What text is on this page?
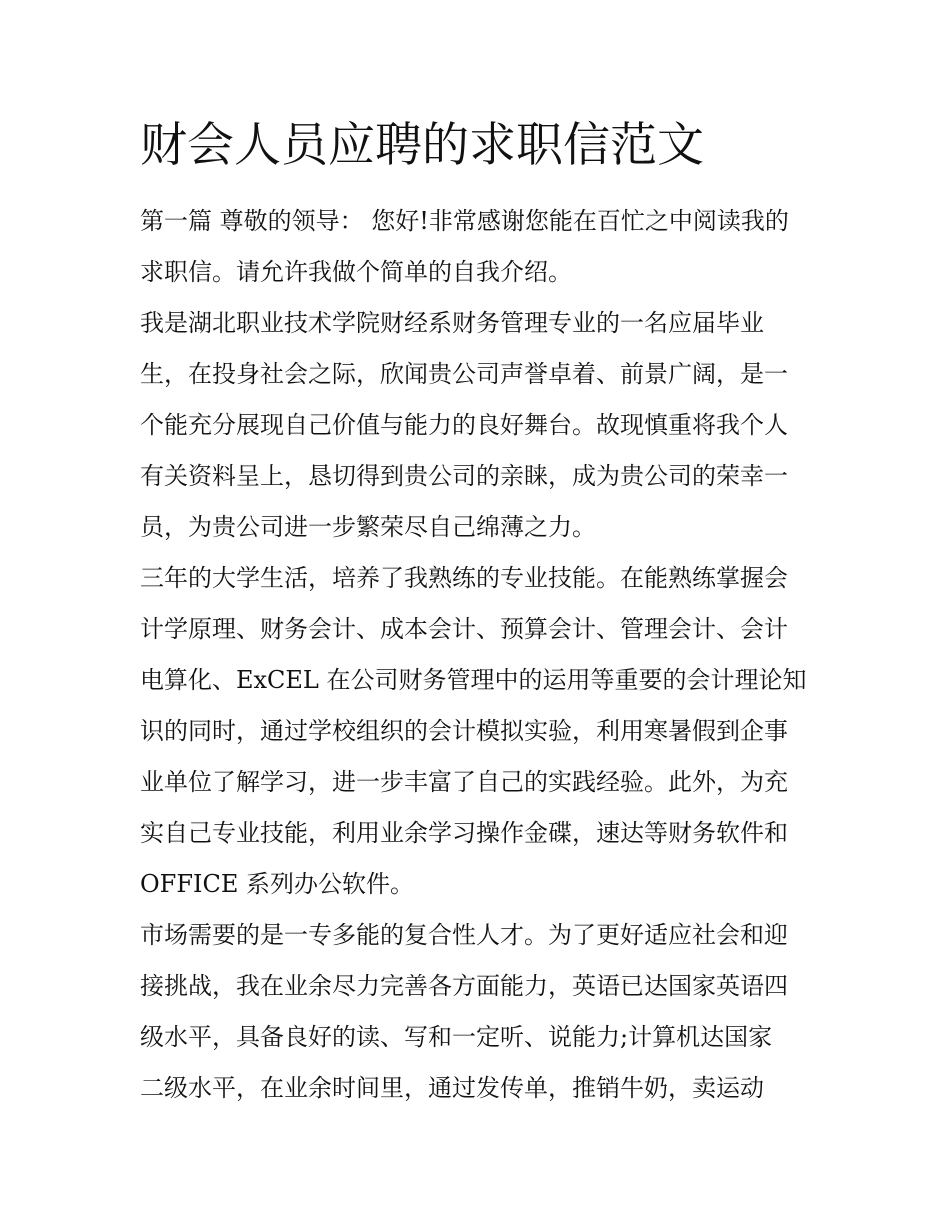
财会人员应聘的求职信范文
第一篇 尊敬的领导： 您好!非常感谢您能在百忙之中阅读我的
求职信。请允许我做个简单的自我介绍。
我是湖北职业技术学院财经系财务管理专业的一名应届毕业
生，在投身社会之际，欣闻贵公司声誉卓着、前景广阔，是一
个能充分展现自己价值与能力的良好舞台。故现慎重将我个人
有关资料呈上，恳切得到贵公司的亲睐，成为贵公司的荣幸一
员，为贵公司进一步繁荣尽自己绵薄之力。
三年的大学生活，培养了我熟练的专业技能。在能熟练掌握会
计学原理、财务会计、成本会计、预算会计、管理会计、会计
电算化、ExCEL 在公司财务管理中的运用等重要的会计理论知
识的同时，通过学校组织的会计模拟实验，利用寒暑假到企事
业单位了解学习，进一步丰富了自己的实践经验。此外，为充
实自己专业技能，利用业余学习操作金碟，速达等财务软件和
OFFICE 系列办公软件。
市场需要的是一专多能的复合性人才。为了更好适应社会和迎
接挑战，我在业余尽力完善各方面能力，英语已达国家英语四
级水平，具备良好的读、写和一定听、说能力;计算机达国家
二级水平，在业余时间里，通过发传单，推销牛奶，卖运动
